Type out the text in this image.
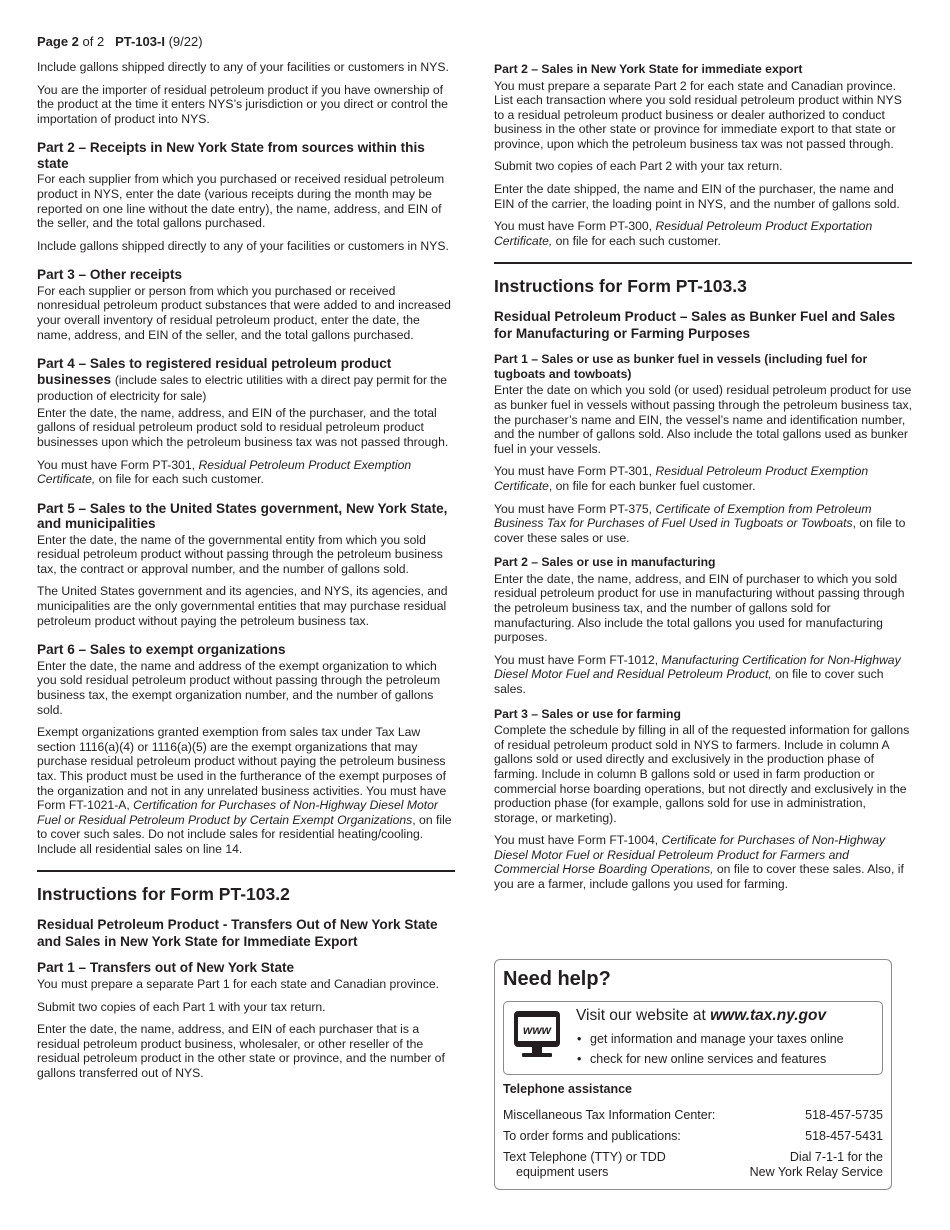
Page 2 of 2 PT-103-I (9/22)

Include gallons shipped directly to any of your facilities or customers in NYS.

You are the importer of residual petroleum product if you have ownership of the product at the time it enters NYS’s jurisdiction or you direct or control the importation of product into NYS.

Part 2 – Receipts in New York State from sources within this state

For each supplier from which you purchased or received residual petroleum product in NYS, enter the date (various receipts during the month may be reported on one line without the date entry), the name, address, and EIN of the seller, and the total gallons purchased.

Include gallons shipped directly to any of your facilities or customers in NYS.

Part 3 – Other receipts

For each supplier or person from which you purchased or received nonresidual petroleum product substances that were added to and increased your overall inventory of residual petroleum product, enter the date, the name, address, and EIN of the seller, and the total gallons purchased.

Part 4 – Sales to registered residual petroleum product businesses (include sales to electric utilities with a direct pay permit for the production of electricity for sale)

Enter the date, the name, address, and EIN of the purchaser, and the total gallons of residual petroleum product sold to residual petroleum product businesses upon which the petroleum business tax was not passed through.

You must have Form PT-301, Residual Petroleum Product Exemption Certificate, on file for each such customer.

Part 5 – Sales to the United States government, New York State, and municipalities

Enter the date, the name of the governmental entity from which you sold residual petroleum product without passing through the petroleum business tax, the contract or approval number, and the number of gallons sold.

The United States government and its agencies, and NYS, its agencies, and municipalities are the only governmental entities that may purchase residual petroleum product without paying the petroleum business tax.

Part 6 – Sales to exempt organizations

Enter the date, the name and address of the exempt organization to which you sold residual petroleum product without passing through the petroleum business tax, the exempt organization number, and the number of gallons sold.

Exempt organizations granted exemption from sales tax under Tax Law section 1116(a)(4) or 1116(a)(5) are the exempt organizations that may purchase residual petroleum product without paying the petroleum business tax. This product must be used in the furtherance of the exempt purposes of the organization and not in any unrelated business activities. You must have Form FT-1021-A, Certification for Purchases of Non-Highway Diesel Motor Fuel or Residual Petroleum Product by Certain Exempt Organizations, on file to cover such sales. Do not include sales for residential heating/cooling. Include all residential sales on line 14.

Instructions for Form PT-103.2
Residual Petroleum Product - Transfers Out of New York State and Sales in New York State for Immediate Export
Part 1 – Transfers out of New York State

You must prepare a separate Part 1 for each state and Canadian province.

Submit two copies of each Part 1 with your tax return.

Enter the date, the name, address, and EIN of each purchaser that is a residual petroleum product business, wholesaler, or other reseller of the residual petroleum product in the other state or province, and the number of gallons transferred out of NYS.

Part 2 – Sales in New York State for immediate export

You must prepare a separate Part 2 for each state and Canadian province. List each transaction where you sold residual petroleum product within NYS to a residual petroleum product business or dealer authorized to conduct business in the other state or province for immediate export to that state or province, upon which the petroleum business tax was not passed through.

Submit two copies of each Part 2 with your tax return.

Enter the date shipped, the name and EIN of the purchaser, the name and EIN of the carrier, the loading point in NYS, and the number of gallons sold.

You must have Form PT-300, Residual Petroleum Product Exportation Certificate, on file for each such customer.

Instructions for Form PT-103.3
Residual Petroleum Product – Sales as Bunker Fuel and Sales for Manufacturing or Farming Purposes
Part 1 – Sales or use as bunker fuel in vessels (including fuel for tugboats and towboats)

Enter the date on which you sold (or used) residual petroleum product for use as bunker fuel in vessels without passing through the petroleum business tax, the purchaser’s name and EIN, the vessel’s name and identification number, and the number of gallons sold. Also include the total gallons used as bunker fuel in your vessels.

You must have Form PT-301, Residual Petroleum Product Exemption Certificate, on file for each bunker fuel customer.

You must have Form PT-375, Certificate of Exemption from Petroleum Business Tax for Purchases of Fuel Used in Tugboats or Towboats, on file to cover these sales or use.

Part 2 – Sales or use in manufacturing

Enter the date, the name, address, and EIN of purchaser to which you sold residual petroleum product for use in manufacturing without passing through the petroleum business tax, and the number of gallons sold for manufacturing. Also include the total gallons you used for manufacturing purposes.

You must have Form FT-1012, Manufacturing Certification for Non-Highway Diesel Motor Fuel and Residual Petroleum Product, on file to cover such sales.

Part 3 – Sales or use for farming

Complete the schedule by filling in all of the requested information for gallons of residual petroleum product sold in NYS to farmers. Include in column A gallons sold or used directly and exclusively in the production phase of farming. Include in column B gallons sold or used in farm production or commercial horse boarding operations, but not directly and exclusively in the production phase (for example, gallons sold for use in administration, storage, or marketing).

You must have Form FT-1004, Certificate for Purchases of Non-Highway Diesel Motor Fuel or Residual Petroleum Product for Farmers and Commercial Horse Boarding Operations, on file to cover these sales. Also, if you are a farmer, include gallons you used for farming.

Need help?
www
Visit our website at www.tax.ny.gov
• get information and manage your taxes online
• check for new online services and features
Telephone assistance
Miscellaneous Tax Information Center:	518-457-5735
To order forms and publications:	518-457-5431
Text Telephone (TTY) or TDD
equipment users
Dial 7-1-1 for the
New York Relay Service
